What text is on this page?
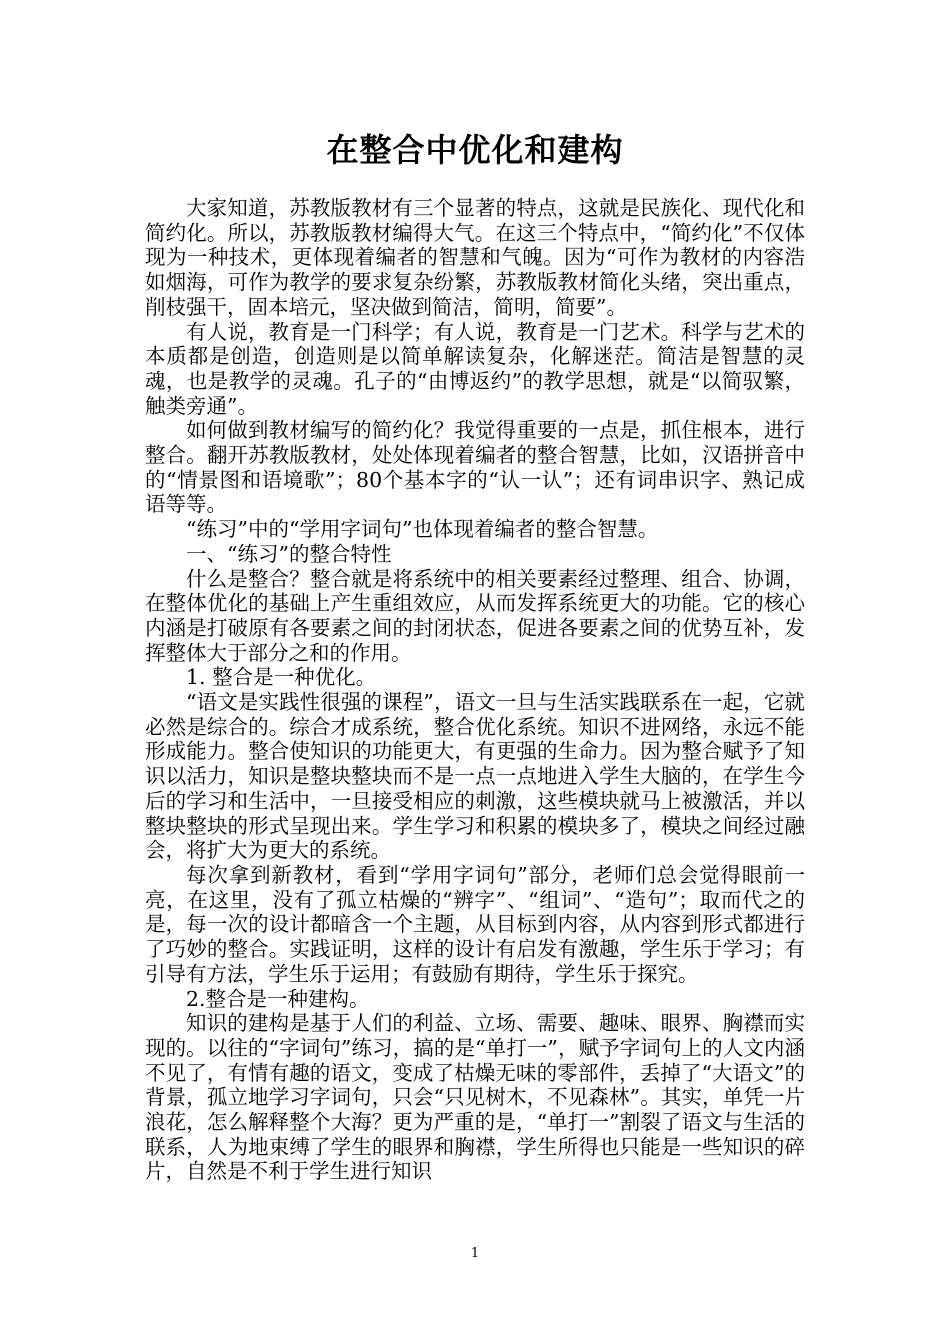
在整合中优化和建构

大家知道，苏教版教材有三个显著的特点，这就是民族化、现代化和简约化。所以，苏教版教材编得大气。在这三个特点中，“简约化”不仅体现为一种技术，更体现着编者的智慧和气魄。因为“可作为教材的内容浩如烟海，可作为教学的要求复杂纷繁，苏教版教材简化头绪，突出重点，削枝强干，固本培元，坚决做到简洁，简明，简要”。

有人说，教育是一门科学；有人说，教育是一门艺术。科学与艺术的本质都是创造，创造则是以简单解读复杂，化解迷茫。简洁是智慧的灵魂，也是教学的灵魂。孔子的“由博返约”的教学思想，就是“以简驭繁，触类旁通”。

如何做到教材编写的简约化？我觉得重要的一点是，抓住根本，进行整合。翻开苏教版教材，处处体现着编者的整合智慧，比如，汉语拼音中的“情景图和语境歌”；80个基本字的“认一认”；还有词串识字、熟记成语等等。

“练习”中的“学用字词句”也体现着编者的整合智慧。

一、“练习”的整合特性

什么是整合？整合就是将系统中的相关要素经过整理、组合、协调，在整体优化的基础上产生重组效应，从而发挥系统更大的功能。它的核心内涵是打破原有各要素之间的封闭状态，促进各要素之间的优势互补，发挥整体大于部分之和的作用。

1. 整合是一种优化。

“语文是实践性很强的课程”，语文一旦与生活实践联系在一起，它就必然是综合的。综合才成系统，整合优化系统。知识不进网络，永远不能形成能力。整合使知识的功能更大，有更强的生命力。因为整合赋予了知识以活力，知识是整块整块而不是一点一点地进入学生大脑的，在学生今后的学习和生活中，一旦接受相应的刺激，这些模块就马上被激活，并以整块整块的形式呈现出来。学生学习和积累的模块多了，模块之间经过融会，将扩大为更大的系统。

每次拿到新教材，看到“学用字词句”部分，老师们总会觉得眼前一亮，在这里，没有了孤立枯燥的“辨字”、“组词”、“造句”；取而代之的是，每一次的设计都暗含一个主题，从目标到内容，从内容到形式都进行了巧妙的整合。实践证明，这样的设计有启发有激趣，学生乐于学习；有引导有方法，学生乐于运用；有鼓励有期待，学生乐于探究。

2.整合是一种建构。

知识的建构是基于人们的利益、立场、需要、趣味、眼界、胸襟而实现的。以往的“字词句”练习，搞的是“单打一”，赋予字词句上的人文内涵不见了，有情有趣的语文，变成了枯燥无味的零部件，丢掉了“大语文”的背景，孤立地学习字词句，只会“只见树木，不见森林”。其实，单凭一片浪花，怎么解释整个大海？更为严重的是，“单打一”割裂了语文与生活的联系，人为地束缚了学生的眼界和胸襟，学生所得也只能是一些知识的碎片，自然是不利于学生进行知识

1
